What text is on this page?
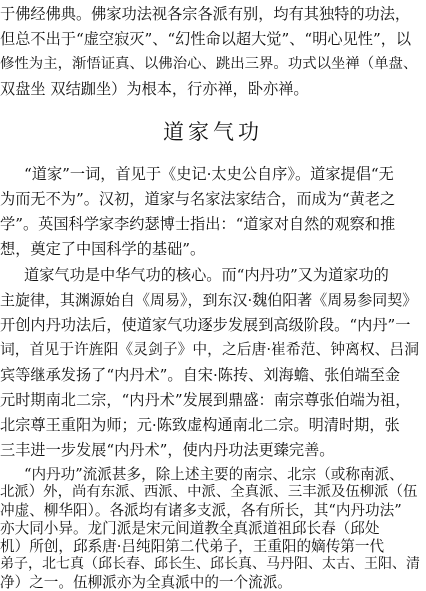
于佛经佛典。佛家功法视各宗各派有别，均有其独特的功法，
但总不出于“虚空寂灭”、“幻性命以超大觉”、“明心见性”，以
修性为主，渐悟证真、以佛治心、跳出三界。功式以坐禅（单盘、
双盘坐 双结跏坐）为根本，行亦禅，卧亦禅。
道家气功
“道家”一词，首见于《史记·太史公自序》。道家提倡“无
为而无不为”。汉初，道家与名家法家结合，而成为“黄老之
学”。英国科学家李约瑟博士指出：“道家对自然的观察和推
想，奠定了中国科学的基础”。
道家气功是中华气功的核心。而“内丹功”又为道家功的
主旋律，其渊源始自《周易》，到东汉·魏伯阳著《周易参同契》
开创内丹功法后，使道家气功逐步发展到高级阶段。“内丹”一
词，首见于许旌阳《灵剑子》中，之后唐·崔希范、钟离权、吕洞
宾等继承发扬了“内丹术”。自宋·陈抟、刘海蟾、张伯端至金
元时期南北二宗，“内丹术”发展到鼎盛：南宗尊张伯端为祖，
北宗尊王重阳为师；元·陈致虚构通南北二宗。明清时期，张
三丰进一步发展“内丹术”，使内丹功法更臻完善。
“内丹功”流派甚多，除上述主要的南宗、北宗（或称南派、
北派）外，尚有东派、西派、中派、全真派、三丰派及伍柳派（伍
冲虚、柳华阳）。各派均有诸多支派，各有所长，其“内丹功法”
亦大同小异。龙门派是宋元间道教全真派道祖邱长春（邱处
机）所创，邱系唐·吕纯阳第二代弟子，王重阳的嫡传第一代
弟子，北七真（邱长春、邱长生、邱长真、马丹阳、太古、王阳、清
净）之一。伍柳派亦为全真派中的一个流派。
